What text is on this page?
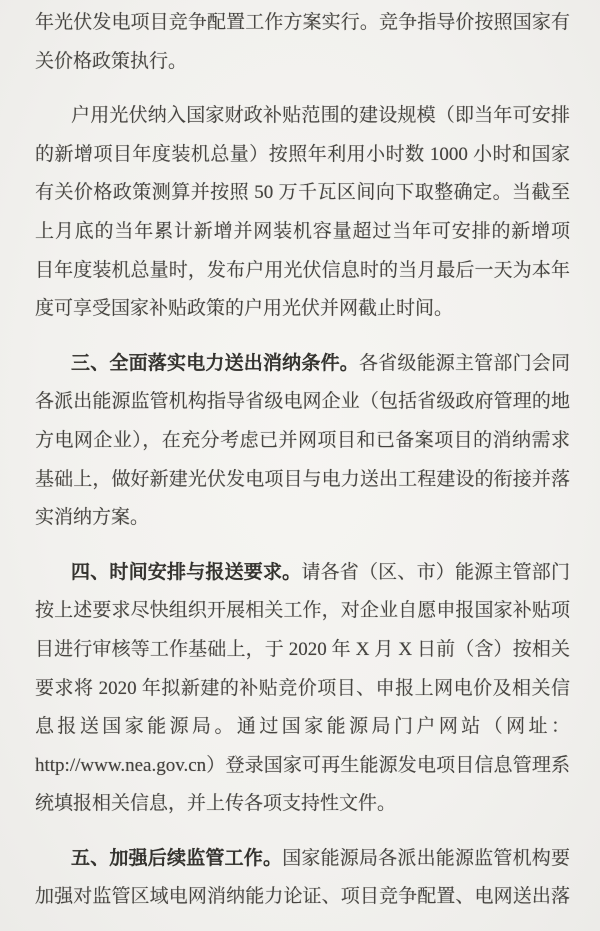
年光伏发电项目竞争配置工作方案实行。竞争指导价按照国家有
关价格政策执行。
户用光伏纳入国家财政补贴范围的建设规模（即当年可安排
的新增项目年度装机总量）按照年利用小时数 1000 小时和国家
有关价格政策测算并按照 50 万千瓦区间向下取整确定。当截至
上月底的当年累计新增并网装机容量超过当年可安排的新增项
目年度装机总量时，发布户用光伏信息时的当月最后一天为本年
度可享受国家补贴政策的户用光伏并网截止时间。
三、全面落实电力送出消纳条件。各省级能源主管部门会同
各派出能源监管机构指导省级电网企业（包括省级政府管理的地
方电网企业），在充分考虑已并网项目和已备案项目的消纳需求
基础上，做好新建光伏发电项目与电力送出工程建设的衔接并落
实消纳方案。
四、时间安排与报送要求。请各省（区、市）能源主管部门
按上述要求尽快组织开展相关工作，对企业自愿申报国家补贴项
目进行审核等工作基础上，于 2020 年 X 月 X 日前（含）按相关
要求将 2020 年拟新建的补贴竞价项目、申报上网电价及相关信
息报送国家能源局。通过国家能源局门户网站（网址：
http://www.nea.gov.cn）登录国家可再生能源发电项目信息管理系
统填报相关信息，并上传各项支持性文件。
五、加强后续监管工作。国家能源局各派出能源监管机构要
加强对监管区域电网消纳能力论证、项目竞争配置、电网送出落
